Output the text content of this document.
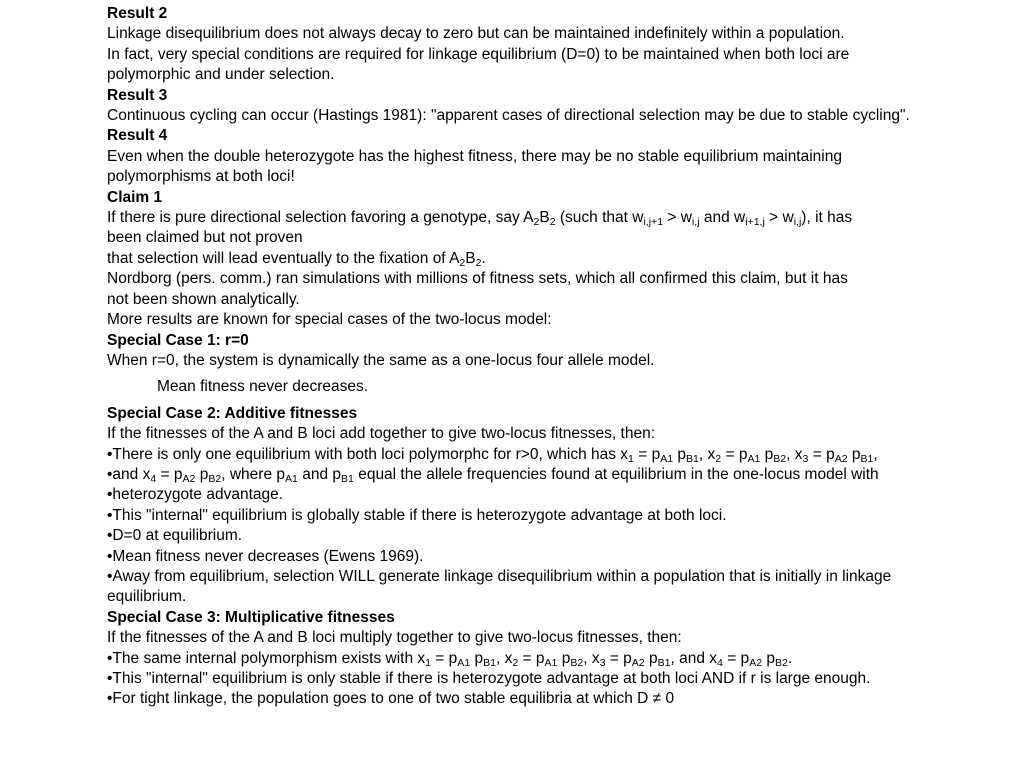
Result 2
Linkage disequilibrium does not always decay to zero but can be maintained indefinitely within a population.
In fact, very special conditions are required for linkage equilibrium (D=0) to be maintained when both loci are
polymorphic and under selection.
Result 3
Continuous cycling can occur (Hastings 1981): "apparent cases of directional selection may be due to stable cycling".
Result 4
Even when the double heterozygote has the highest fitness, there may be no stable equilibrium maintaining
polymorphisms at both loci!
Claim 1
If there is pure directional selection favoring a genotype, say $A_2B_2$ (such that $w_{i,j+1} > w_{i,j}$ and $w_{i+1,j} > w_{i,j}$), it has
been claimed but not proven
that selection will lead eventually to the fixation of $A_2B_2$.
Nordborg (pers. comm.) ran simulations with millions of fitness sets, which all confirmed this claim, but it has
not been shown analytically.
More results are known for special cases of the two-locus model:
Special Case 1: r=0
When r=0, the system is dynamically the same as a one-locus four allele model.
Mean fitness never decreases.
Special Case 2: Additive fitnesses
If the fitnesses of the A and B loci add together to give two-locus fitnesses, then:
•There is only one equilibrium with both loci polymorphc for r>0, which has $x_1 = p_{A1}$ $p_{B1}$, $x_2 = p_{A1}$ $p_{B2}$, $x_3 = p_{A2}$ $p_{B1}$,
•and $x_4 = p_{A2}$ $p_{B2}$, where $p_{A1}$ and $p_{B1}$ equal the allele frequencies found at equilibrium in the one-locus model with
•heterozygote advantage.
•This "internal" equilibrium is globally stable if there is heterozygote advantage at both loci.
•D=0 at equilibrium.
•Mean fitness never decreases (Ewens 1969).
•Away from equilibrium, selection WILL generate linkage disequilibrium within a population that is initially in linkage
equilibrium.
Special Case 3: Multiplicative fitnesses
If the fitnesses of the A and B loci multiply together to give two-locus fitnesses, then:
•The same internal polymorphism exists with $x_1 = p_{A1}$ $p_{B1}$, $x_2 = p_{A1}$ $p_{B2}$, $x_3 = p_{A2}$ $p_{B1}$, and $x_4 = p_{A2}$ $p_{B2}$.
•This "internal" equilibrium is only stable if there is heterozygote advantage at both loci AND if r is large enough.
•For tight linkage, the population goes to one of two stable equilibria at which D ≠ 0
